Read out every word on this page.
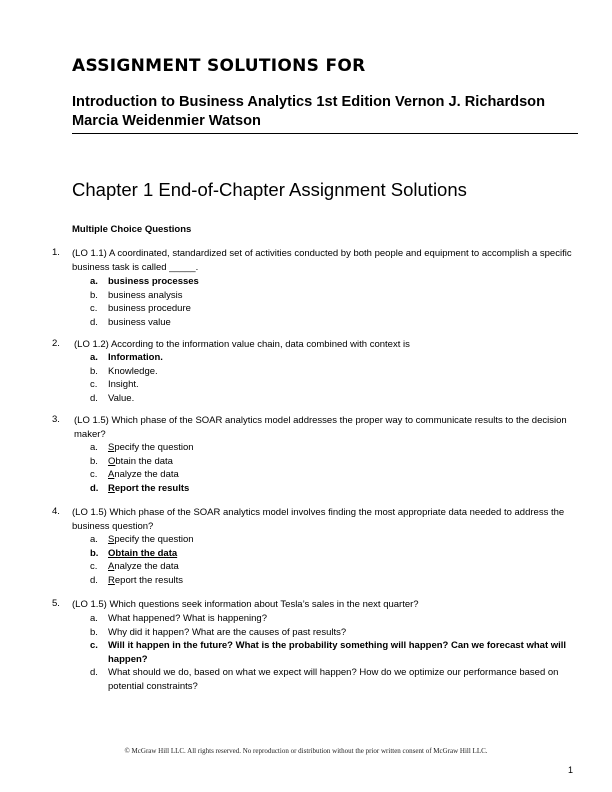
ASSIGNMENT SOLUTIONS FOR
Introduction to Business Analytics 1st Edition Vernon J. Richardson
Marcia Weidenmier Watson
Chapter 1 End-of-Chapter Assignment Solutions
Multiple Choice Questions
1. (LO 1.1) A coordinated, standardized set of activities conducted by both people and equipment to accomplish a specific business task is called _____.
a. business processes
b. business analysis
c. business procedure
d. business value
2. (LO 1.2) According to the information value chain, data combined with context is
a. Information.
b. Knowledge.
c. Insight.
d. Value.
3. (LO 1.5) Which phase of the SOAR analytics model addresses the proper way to communicate results to the decision maker?
a. Specify the question
b. Obtain the data
c. Analyze the data
d. Report the results
4. (LO 1.5) Which phase of the SOAR analytics model involves finding the most appropriate data needed to address the business question?
a. Specify the question
b. Obtain the data
c. Analyze the data
d. Report the results
5. (LO 1.5) Which questions seek information about Tesla’s sales in the next quarter?
a. What happened? What is happening?
b. Why did it happen? What are the causes of past results?
c. Will it happen in the future? What is the probability something will happen? Can we forecast what will happen?
d. What should we do, based on what we expect will happen? How do we optimize our performance based on potential constraints?
© McGraw Hill LLC. All rights reserved. No reproduction or distribution without the prior written consent of McGraw Hill LLC.
1
